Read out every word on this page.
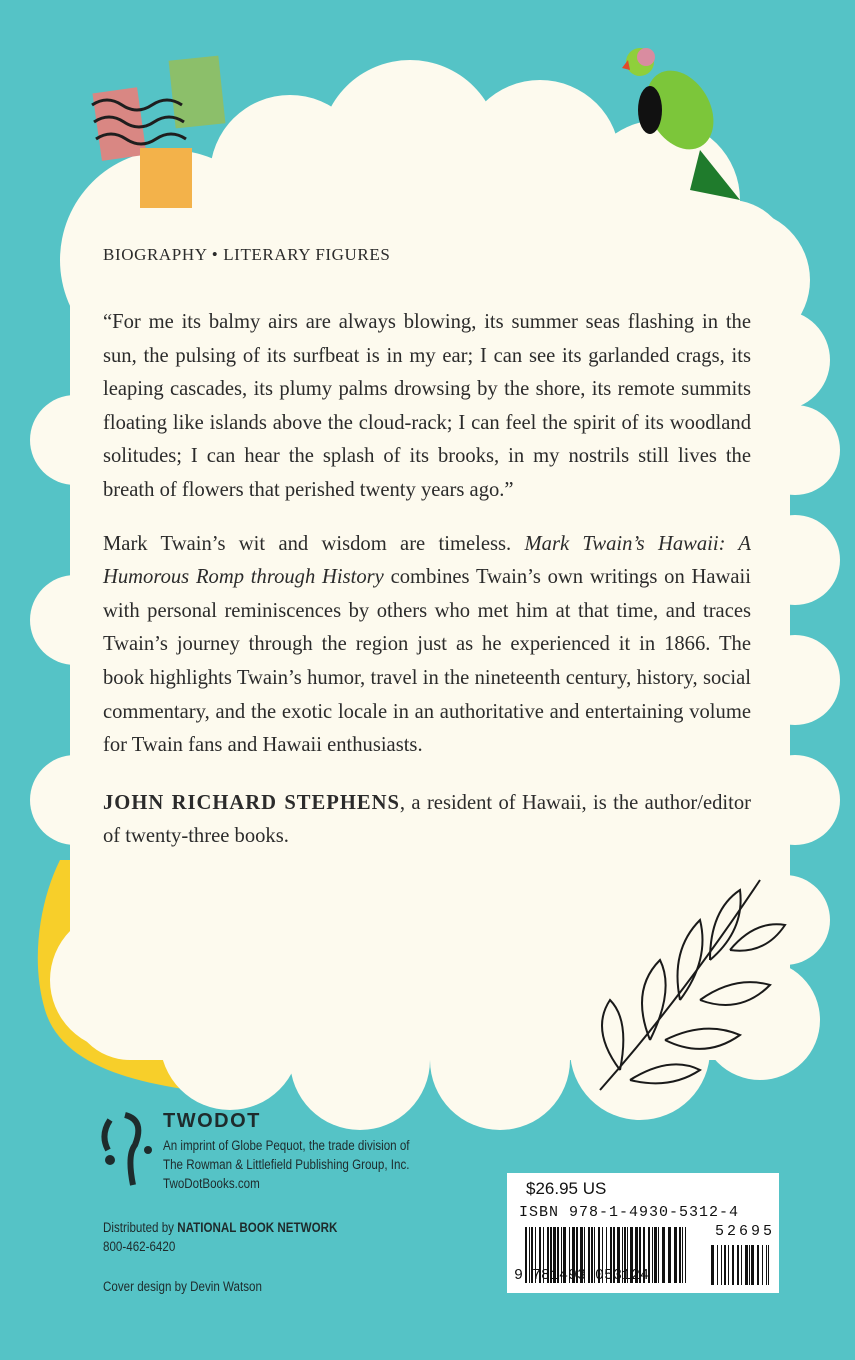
BIOGRAPHY • LITERARY FIGURES

“For me its balmy airs are always blowing, its summer seas flashing in the sun, the pulsing of its surfbeat is in my ear; I can see its garlanded crags, its leaping cascades, its plumy palms drowsing by the shore, its remote summits floating like islands above the cloud-rack; I can feel the spirit of its woodland solitudes; I can hear the splash of its brooks, in my nostrils still lives the breath of flowers that perished twenty years ago.”

Mark Twain’s wit and wisdom are timeless. Mark Twain’s Hawaii: A Humorous Romp through History combines Twain’s own writings on Hawaii with personal reminiscences by others who met him at that time, and traces Twain’s journey through the region just as he experienced it in 1866. The book highlights Twain’s humor, travel in the nineteenth century, history, social commentary, and the exotic locale in an authoritative and entertaining volume for Twain fans and Hawaii enthusiasts.

JOHN RICHARD STEPHENS, a resident of Hawaii, is the author/editor of twenty-three books.

TWODOT
An imprint of Globe Pequot, the trade division of
The Rowman & Littlefield Publishing Group, Inc.
TwoDotBooks.com
Distributed by NATIONAL BOOK NETWORK
800-462-6420
Cover design by Devin Watson
$26.95 US
ISBN 978-1-4930-5312-4
52695
9 781493 053124
